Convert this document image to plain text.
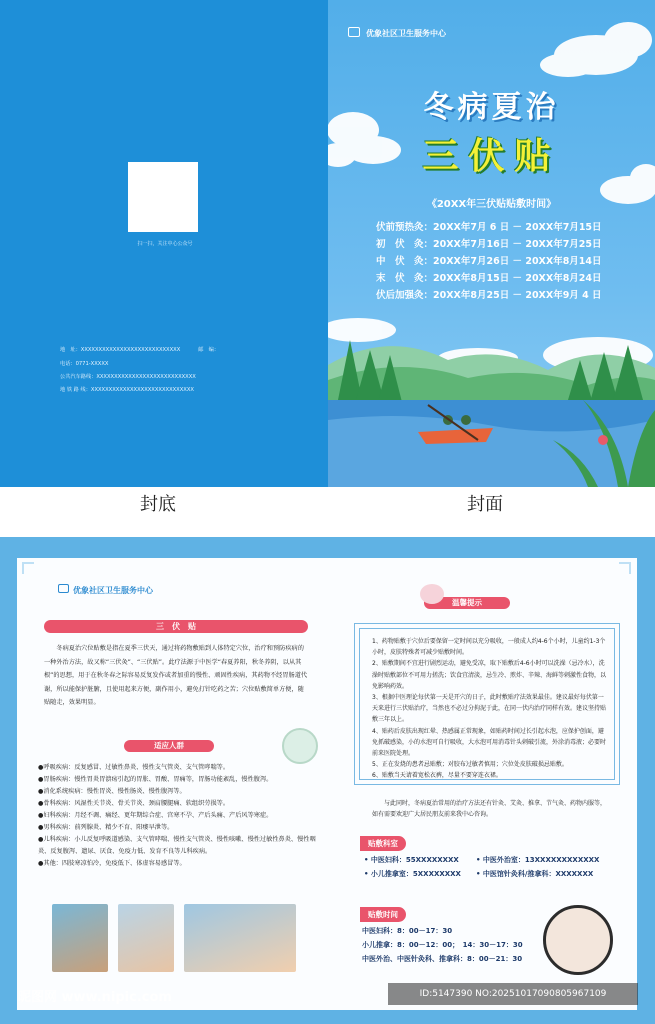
扫一扫，关注中心公众号
地　址：XXXXXXXXXXXXXXXXXXXXXXXXXXXX	邮　编：
电话：0771-XXXXX
公共汽车路线：XXXXXXXXXXXXXXXXXXXXXXXXXXXX
地 铁 路 线：XXXXXXXXXXXXXXXXXXXXXXXXXXXXX
优象社区卫生服务中心
冬病夏治
三伏贴
《20XX年三伏贴贴敷时间》
伏前预热灸：20XX年7月 6 日 － 20XX年7月15日
初　伏　灸：20XX年7月16日 － 20XX年7月25日
中　伏　灸：20XX年7月26日 － 20XX年8月14日
末　伏　灸：20XX年8月15日 － 20XX年8月24日
伏后加强灸：20XX年8月25日 － 20XX年9月 4 日
封底	封面
优象社区卫生服务中心
三　伏　贴
冬病夏治穴位贴敷是指在夏季三伏天，通过将药物敷贴到人体特定穴位，治疗和预防疾病的一种外治方法，故又称“三伏灸”、“三伏贴”。此疗法源于中医学“春夏养阳，秋冬养阴，以从其根”的思想，用于在秋冬春之际容易反复发作或者加重的慢性、顽固性疾病，其药物不经胃肠道代谢，所以能保护脏腑，且使用起来方便，副作用小，避免打针吃药之苦；穴位贴敷简单方便，随贴随走，效果明显。
适应人群
●呼吸疾病：反复感冒、过敏性鼻炎、慢性支气管炎、支气管哮喘等。
●胃肠疾病：慢性胃炎胃溃疡引起的胃胀、胃酸、胃痛等，胃肠功能紊乱，慢性腹泻。
●消化系统疾病：慢性胃炎、慢性肠炎、慢性腹泻等。
●骨科疾病：风湿性关节炎、骨关节炎、颈肩腰腿痛、软组织劳损等。
●妇科疾病：月经不调、痛经、更年期综合症、宫寒不孕、产后头痛、产后风等寒症。
●男科疾病：前列腺炎、精少不育、阳痿早泄等。
●儿科疾病：小儿反复呼吸道感染、支气管哮喘、慢性支气管炎、慢性咳嗽、慢性过敏性鼻炎、慢性咽炎、反复腹泻、遗尿、厌食、免疫力低、发育不良等儿科疾病。
●其他：四肢寒凉怕冷，免疫低下、体虚容易感冒等。
温馨提示
1、药物贴敷于穴位后要保留一定时间以充分吸收，一般成人约4-6个小时，儿童约1-3个小时，皮肤特殊者可减少贴敷时间。
2、贴敷期间不宜进行剧烈运动，避免受凉，取下贴敷后4-6小时可以洗澡（忌冷水），洗澡时贴敷部位不可用力搓洗；饮食宜清淡，忌生冷、煎炸、辛辣、海鲜等刺激性食物，以免影响药效。
3、根据中医理论每伏第一天是开穴的日子，此时敷贴疗法效果最佳。建议最好每伏第一天来进行三伏贴治疗，当然也不必过分拘泥于此，在同一伏内治疗同样有效。建议坚持贴敷三年以上。
4、贴药后皮肤出现红晕、热感属正常现象，如贴药时间过长引起水泡，应保护创面，避免抓破感染，小的水泡可自行吸收，大水泡可用消毒针头刺破引流，外涂消毒液；必要时前来医院处理。
5、正在发烧的患者忌贴敷；对胶布过敏者慎用；穴位处皮肤破损忌贴敷。
6、贴敷当天请着宽松衣裤，尽量不要穿连衣裙。
与此同时，冬病夏治常用的治疗方法还有针灸、艾灸、推拿、节气灸、药物内服等，如有需要欢迎广大居民朋友前来我中心咨询。
贴敷科室
• 中医妇科：55XXXXXXXX • 中医外治室：13XXXXXXXXXXXX
• 小儿推拿室：5XXXXXXXX • 中医馆针灸科/推拿科：XXXXXXX
贴敷时间
中医妇科：8：00－17：30
小儿推拿：8：00－12：00；　14：30－17：30
中医外治、中医针灸科、推拿科：8：00－21：30
昵图网 www.nipic.com	ID:5147390 NO:20251017090805967109
